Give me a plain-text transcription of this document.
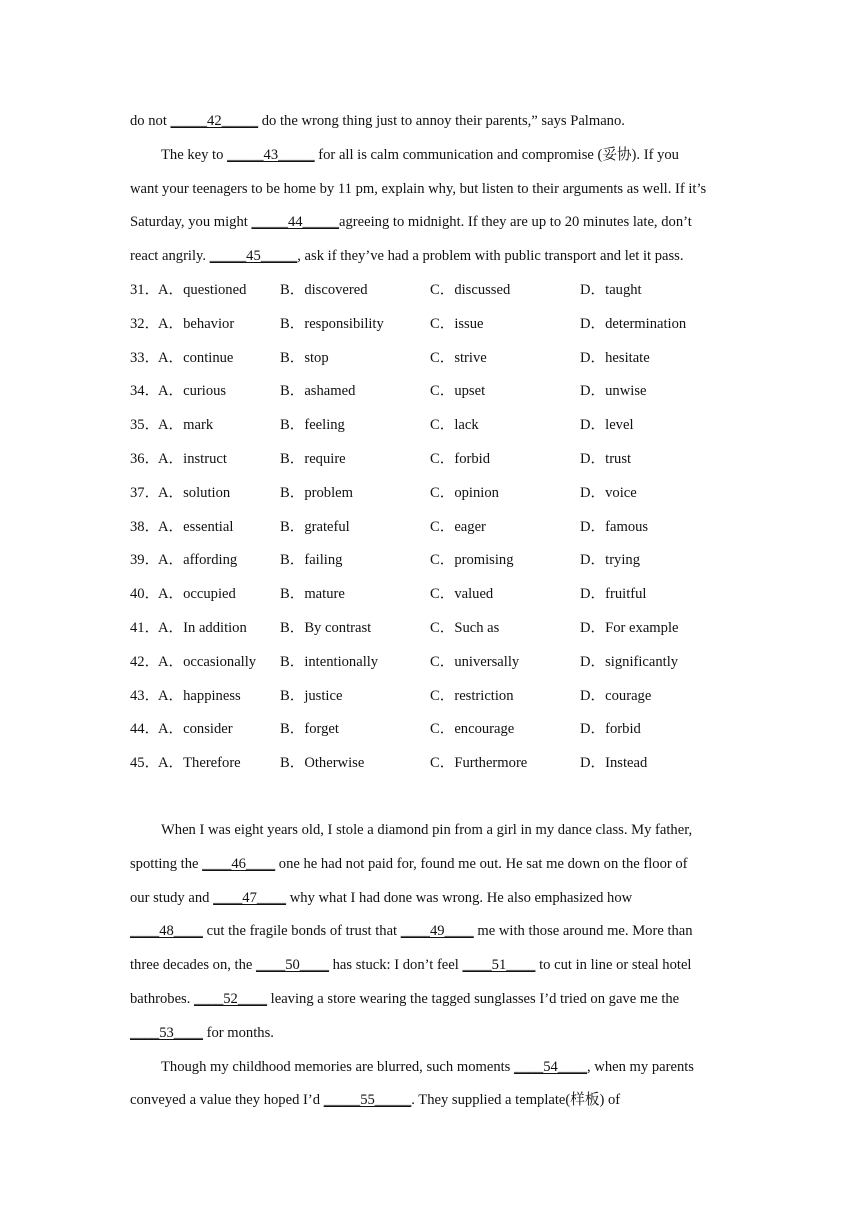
do not _____42_____ do the wrong thing just to annoy their parents,” says Palmano.
The key to _____43_____ for all is calm communication and compromise (妥协). If you
want your teenagers to be home by 11 pm, explain why, but listen to their arguments as well. If it’s
Saturday, you might _____44_____agreeing to midnight. If they are up to 20 minutes late, don’t
react angrily. _____45_____, ask if they’ve had a problem with public transport and let it pass.
31．
A．questioned B．discovered	C．discussed	D．taught
32．
A．behavior	B．responsibility	C．issue	D．determination
33．
A．continue	B．stop	C．strive	D．hesitate
34．
A．curious	B．ashamed	C．upset	D．unwise
35．
A．mark	B．feeling	C．lack	D．level
36．
A．instruct	B．require	C．forbid	D．trust
37．
A．solution	B．problem	C．opinion	D．voice
38．
A．essential	B．grateful	C．eager	D．famous
39．
A．affording	B．failing	C．promising	D．trying
40．
A．occupied	B．mature	C．valued	D．fruitful
41．
A．In addition B．By contrast	C．Such as	D．For example
42．
A．occasionally B．intentionally	C．universally	D．significantly
43．
A．happiness	B．justice	C．restriction	D．courage
44．
A．consider	B．forget	C．encourage	D．forbid
45．
A．Therefore	B．Otherwise	C．Furthermore	D．Instead
When I was eight years old, I stole a diamond pin from a girl in my dance class. My father,
spotting the ____46____ one he had not paid for, found me out. He sat me down on the floor of
our study and ____47____ why what I had done was wrong. He also emphasized how
____48____ cut the fragile bonds of trust that ____49____ me with those around me. More than
three decades on, the ____50____ has stuck: I don’t feel ____51____ to cut in line or steal hotel
bathrobes. ____52____ leaving a store wearing the tagged sunglasses I’d tried on gave me the
____53____ for months.
Though my childhood memories are blurred, such moments ____54____, when my parents
conveyed a value they hoped I’d _____55_____. They supplied a template(样板) of
